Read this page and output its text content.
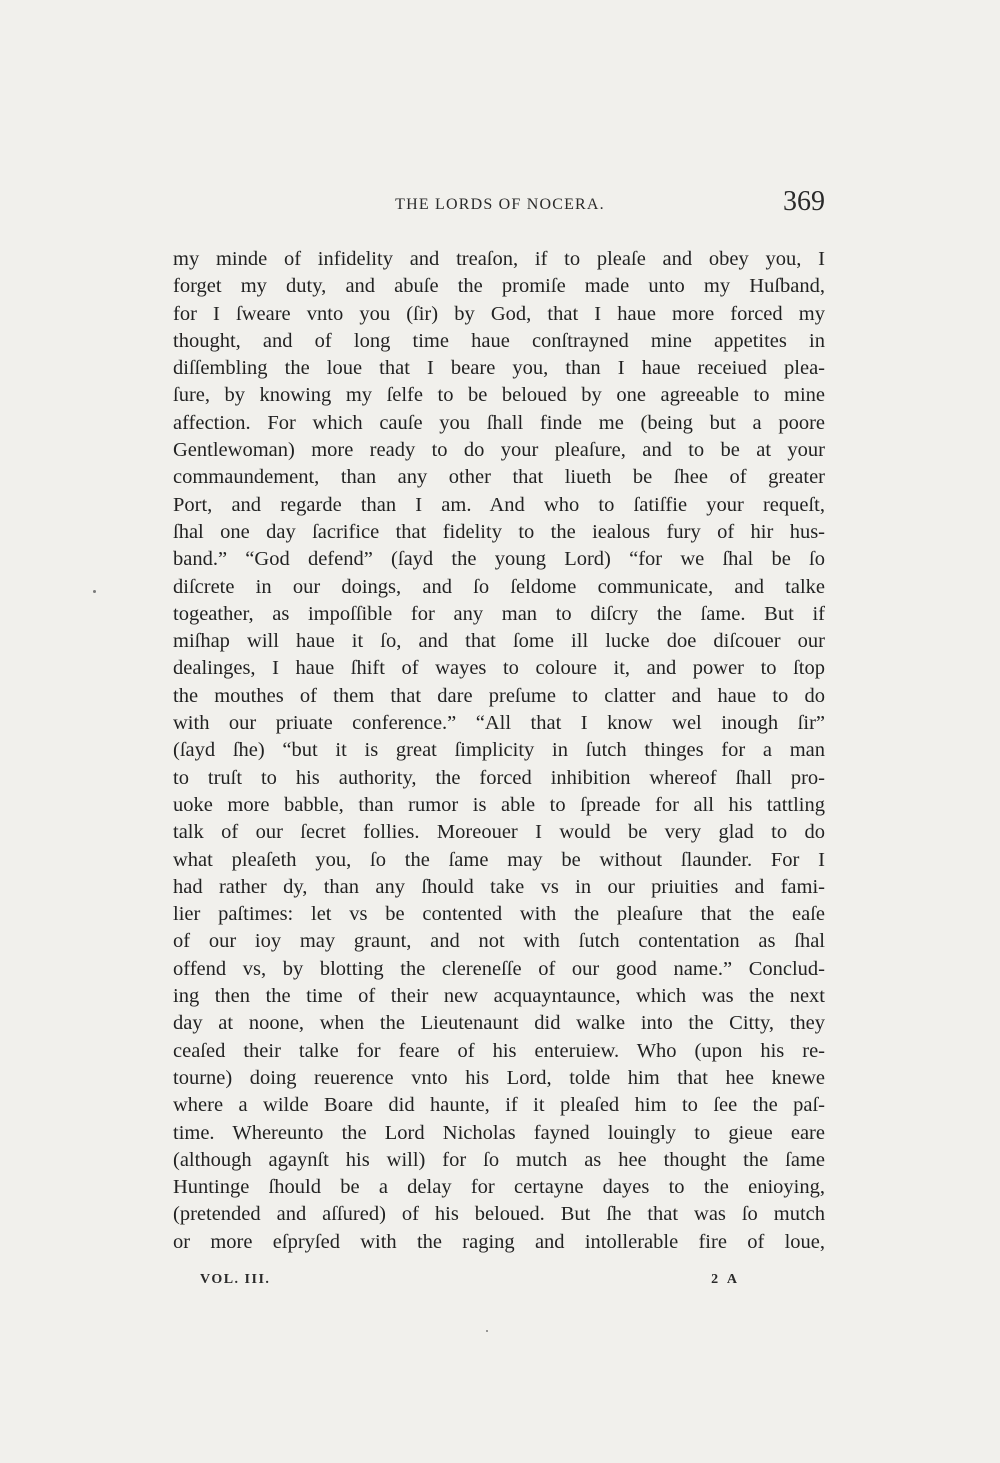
THE LORDS OF NOCERA.	369
my minde of infidelity and treaſon, if to pleaſe and obey you, I
forget my duty, and abuſe the promiſe made unto my Huſband,
for I ſweare vnto you (ſir) by God, that I haue more forced my
thought, and of long time haue conſtrayned mine appetites in
diſſembling the loue that I beare you, than I haue receiued plea-
ſure, by knowing my ſelfe to be beloued by one agreeable to mine
affection. For which cauſe you ſhall finde me (being but a poore
Gentlewoman) more ready to do your pleaſure, and to be at your
commaundement, than any other that liueth be ſhee of greater
Port, and regarde than I am. And who to ſatiſfie your requeſt,
ſhal one day ſacrifice that fidelity to the iealous fury of hir hus-
band.” “God defend” (ſayd the young Lord) “for we ſhal be ſo
diſcrete in our doings, and ſo ſeldome communicate, and talke
togeather, as impoſſible for any man to diſcry the ſame. But if
miſhap will haue it ſo, and that ſome ill lucke doe diſcouer our
dealinges, I haue ſhift of wayes to coloure it, and power to ſtop
the mouthes of them that dare preſume to clatter and haue to do
with our priuate conference.” “All that I know wel inough ſir”
(ſayd ſhe) “but it is great ſimplicity in ſutch thinges for a man
to truſt to his authority, the forced inhibition whereof ſhall pro-
uoke more babble, than rumor is able to ſpreade for all his tattling
talk of our ſecret follies. Moreouer I would be very glad to do
what pleaſeth you, ſo the ſame may be without ſlaunder. For I
had rather dy, than any ſhould take vs in our priuities and fami-
lier paſtimes: let vs be contented with the pleaſure that the eaſe
of our ioy may graunt, and not with ſutch contentation as ſhal
offend vs, by blotting the clereneſſe of our good name.” Conclud-
ing then the time of their new acquayntaunce, which was the next
day at noone, when the Lieutenaunt did walke into the Citty, they
ceaſed their talke for feare of his enteruiew. Who (upon his re-
tourne) doing reuerence vnto his Lord, tolde him that hee knewe
where a wilde Boare did haunte, if it pleaſed him to ſee the paſ-
time. Whereunto the Lord Nicholas fayned louingly to gieue eare
(although agaynſt his will) for ſo mutch as hee thought the ſame
Huntinge ſhould be a delay for certayne dayes to the enioying,
(pretended and aſſured) of his beloued. But ſhe that was ſo mutch
or more eſpryſed with the raging and intollerable fire of loue,
VOL. III.	2 A
